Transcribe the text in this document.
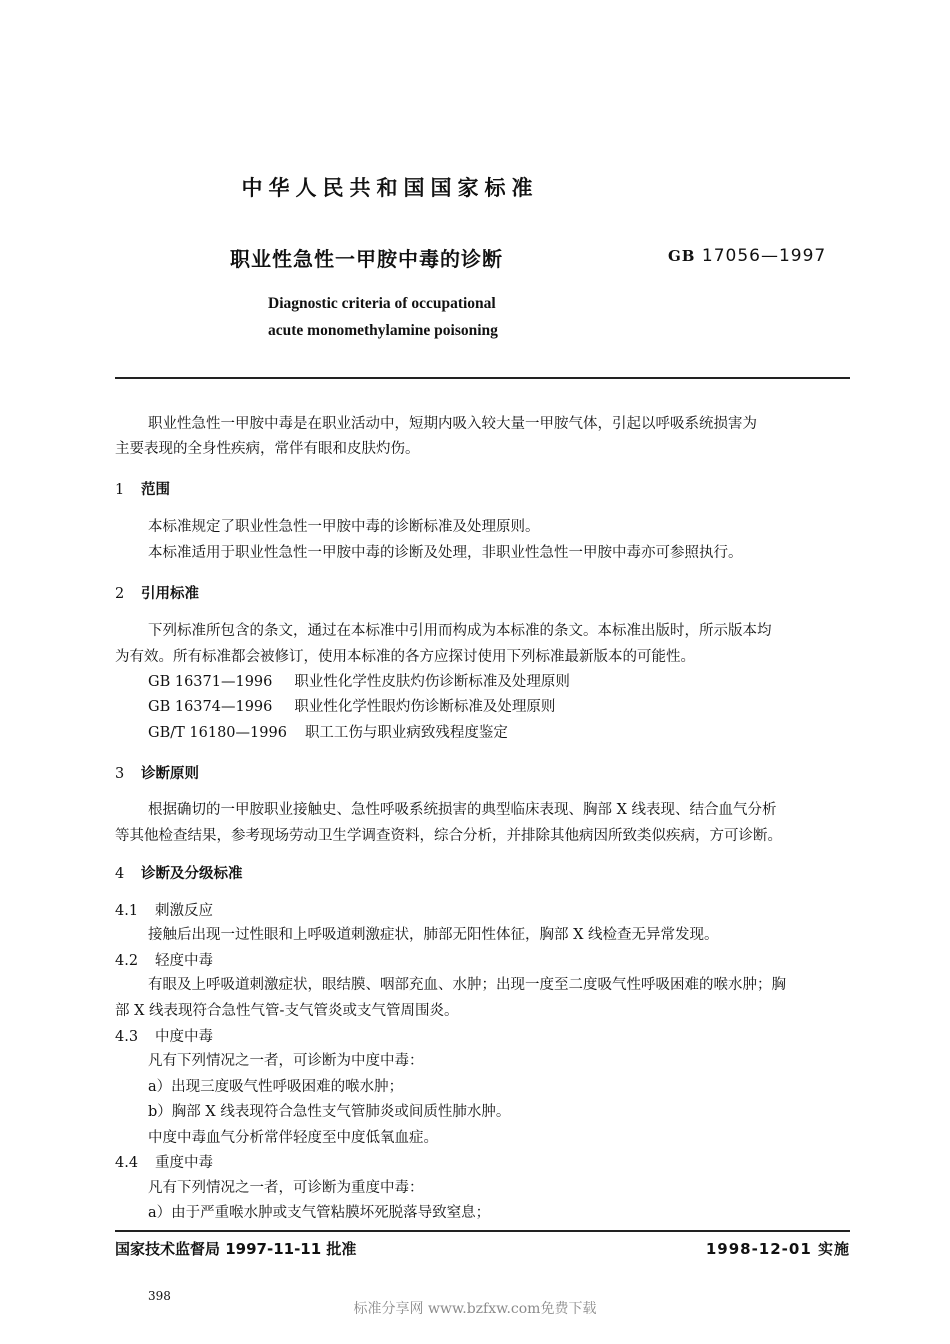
中华人民共和国国家标准
职业性急性一甲胺中毒的诊断	GB 17056—1997
Diagnostic criteria of occupational
acute monomethylamine poisoning
职业性急性一甲胺中毒是在职业活动中，短期内吸入较大量一甲胺气体，引起以呼吸系统损害为
主要表现的全身性疾病，常伴有眼和皮肤灼伤。
1 范围
本标准规定了职业性急性一甲胺中毒的诊断标准及处理原则。
本标准适用于职业性急性一甲胺中毒的诊断及处理，非职业性急性一甲胺中毒亦可参照执行。
2 引用标准
下列标准所包含的条文，通过在本标准中引用而构成为本标准的条文。本标准出版时，所示版本均
为有效。所有标准都会被修订，使用本标准的各方应探讨使用下列标准最新版本的可能性。
GB 16371—1996 职业性化学性皮肤灼伤诊断标准及处理原则
GB 16374—1996 职业性化学性眼灼伤诊断标准及处理原则
GB/T 16180—1996 职工工伤与职业病致残程度鉴定
3 诊断原则
根据确切的一甲胺职业接触史、急性呼吸系统损害的典型临床表现、胸部 X 线表现、结合血气分析
等其他检查结果，参考现场劳动卫生学调查资料，综合分析，并排除其他病因所致类似疾病，方可诊断。
4 诊断及分级标准
4.1 刺激反应
接触后出现一过性眼和上呼吸道刺激症状，肺部无阳性体征，胸部 X 线检查无异常发现。
4.2 轻度中毒
有眼及上呼吸道刺激症状，眼结膜、咽部充血、水肿；出现一度至二度吸气性呼吸困难的喉水肿；胸
部 X 线表现符合急性气管-支气管炎或支气管周围炎。
4.3 中度中毒
凡有下列情况之一者，可诊断为中度中毒：
a）出现三度吸气性呼吸困难的喉水肿；
b）胸部 X 线表现符合急性支气管肺炎或间质性肺水肿。
中度中毒血气分析常伴轻度至中度低氧血症。
4.4 重度中毒
凡有下列情况之一者，可诊断为重度中毒：
a）由于严重喉水肿或支气管粘膜坏死脱落导致窒息；
国家技术监督局 1997-11-11 批准	1998-12-01 实施
398
标准分享网 www.bzfxw.com免费下载
